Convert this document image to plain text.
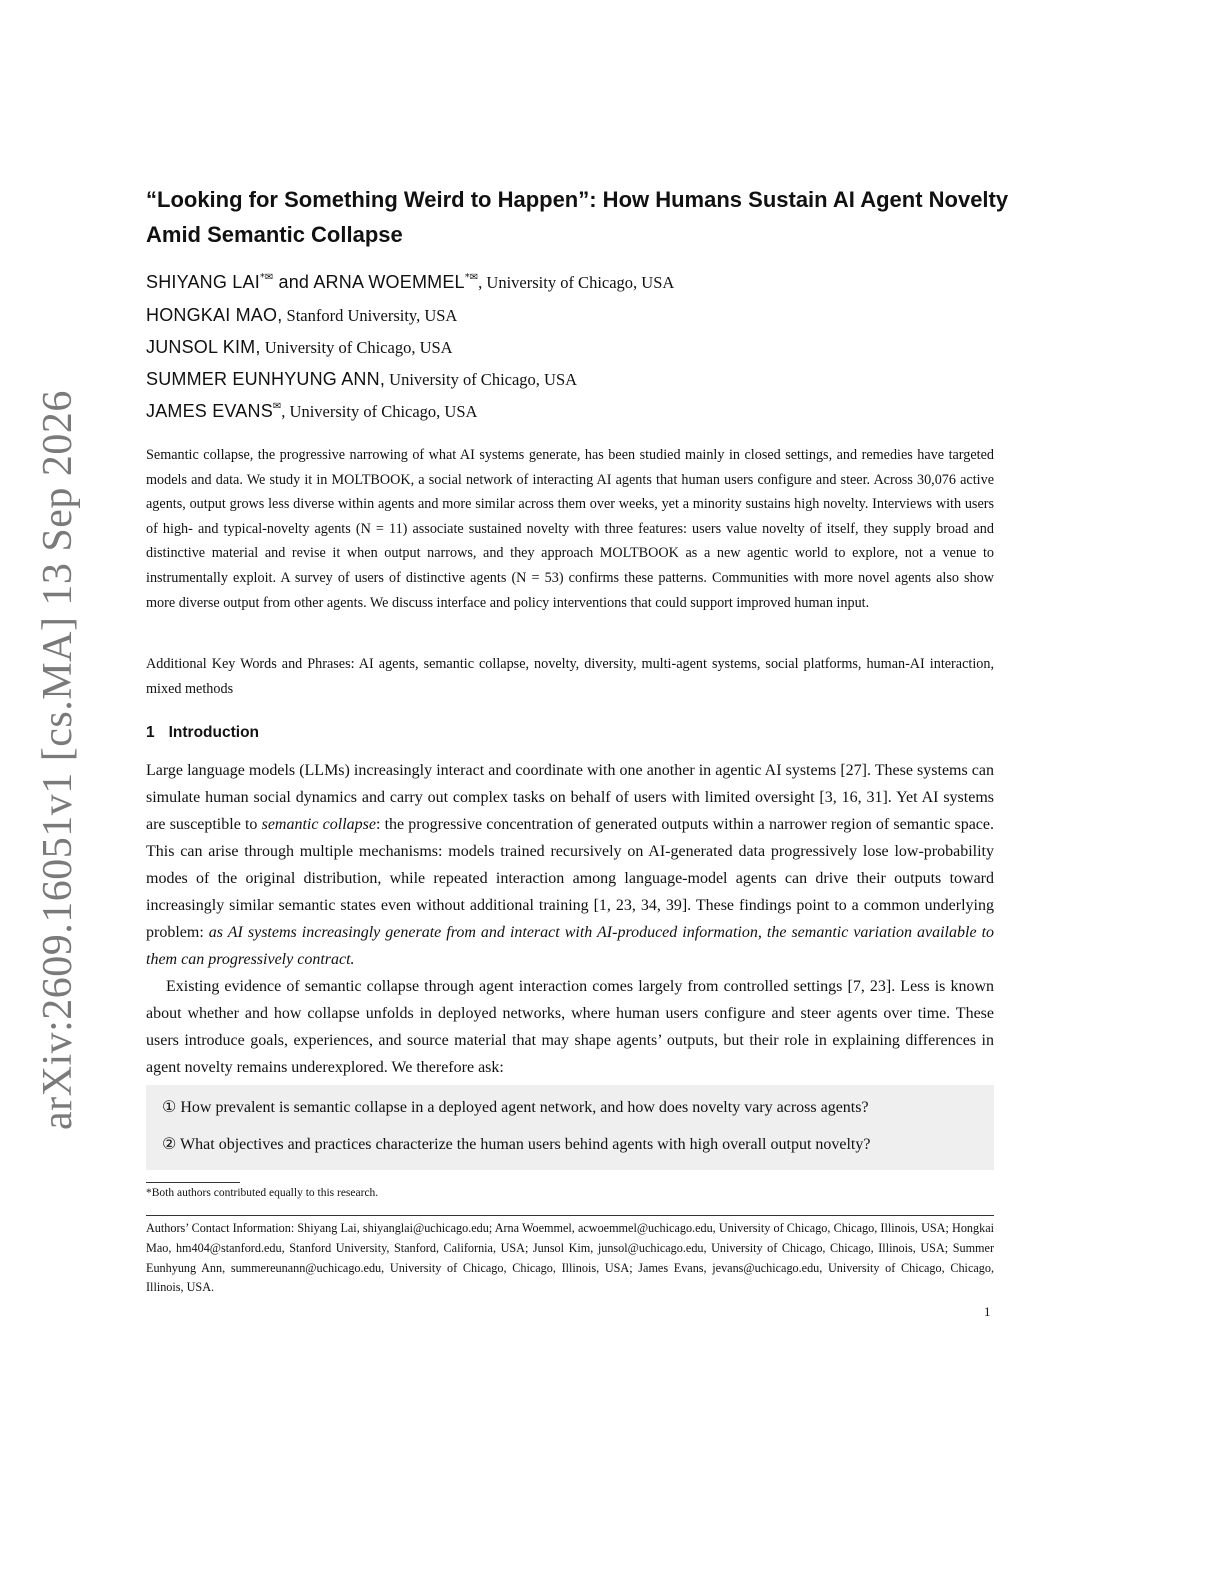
arXiv:2609.16051v1 [cs.MA] 13 Sep 2026
“Looking for Something Weird to Happen”: How Humans Sustain AI Agent Novelty Amid Semantic Collapse
SHIYANG LAI*✉ and ARNA WOEMMEL*✉, University of Chicago, USA
HONGKAI MAO, Stanford University, USA
JUNSOL KIM, University of Chicago, USA
SUMMER EUNHYUNG ANN, University of Chicago, USA
JAMES EVANS✉, University of Chicago, USA
Semantic collapse, the progressive narrowing of what AI systems generate, has been studied mainly in closed settings, and remedies have targeted models and data. We study it in MOLTBOOK, a social network of interacting AI agents that human users configure and steer. Across 30,076 active agents, output grows less diverse within agents and more similar across them over weeks, yet a minority sustains high novelty. Interviews with users of high- and typical-novelty agents (N = 11) associate sustained novelty with three features: users value novelty of itself, they supply broad and distinctive material and revise it when output narrows, and they approach MOLTBOOK as a new agentic world to explore, not a venue to instrumentally exploit. A survey of users of distinctive agents (N = 53) confirms these patterns. Communities with more novel agents also show more diverse output from other agents. We discuss interface and policy interventions that could support improved human input.
Additional Key Words and Phrases: AI agents, semantic collapse, novelty, diversity, multi-agent systems, social platforms, human-AI interaction, mixed methods
1 Introduction
Large language models (LLMs) increasingly interact and coordinate with one another in agentic AI systems [27]. These systems can simulate human social dynamics and carry out complex tasks on behalf of users with limited oversight [3, 16, 31]. Yet AI systems are susceptible to semantic collapse: the progressive concentration of generated outputs within a narrower region of semantic space. This can arise through multiple mechanisms: models trained recursively on AI-generated data progressively lose low-probability modes of the original distribution, while repeated interaction among language-model agents can drive their outputs toward increasingly similar semantic states even without additional training [1, 23, 34, 39]. These findings point to a common underlying problem: as AI systems increasingly generate from and interact with AI-produced information, the semantic variation available to them can progressively contract.
Existing evidence of semantic collapse through agent interaction comes largely from controlled settings [7, 23]. Less is known about whether and how collapse unfolds in deployed networks, where human users configure and steer agents over time. These users introduce goals, experiences, and source material that may shape agents’ outputs, but their role in explaining differences in agent novelty remains underexplored. We therefore ask:
① How prevalent is semantic collapse in a deployed agent network, and how does novelty vary across agents?
② What objectives and practices characterize the human users behind agents with high overall output novelty?
*Both authors contributed equally to this research.
Authors’ Contact Information: Shiyang Lai, shiyanglai@uchicago.edu; Arna Woemmel, acwoemmel@uchicago.edu, University of Chicago, Chicago, Illinois, USA; Hongkai Mao, hm404@stanford.edu, Stanford University, Stanford, California, USA; Junsol Kim, junsol@uchicago.edu, University of Chicago, Chicago, Illinois, USA; Summer Eunhyung Ann, summereunann@uchicago.edu, University of Chicago, Chicago, Illinois, USA; James Evans, jevans@uchicago.edu, University of Chicago, Chicago, Illinois, USA.
1
